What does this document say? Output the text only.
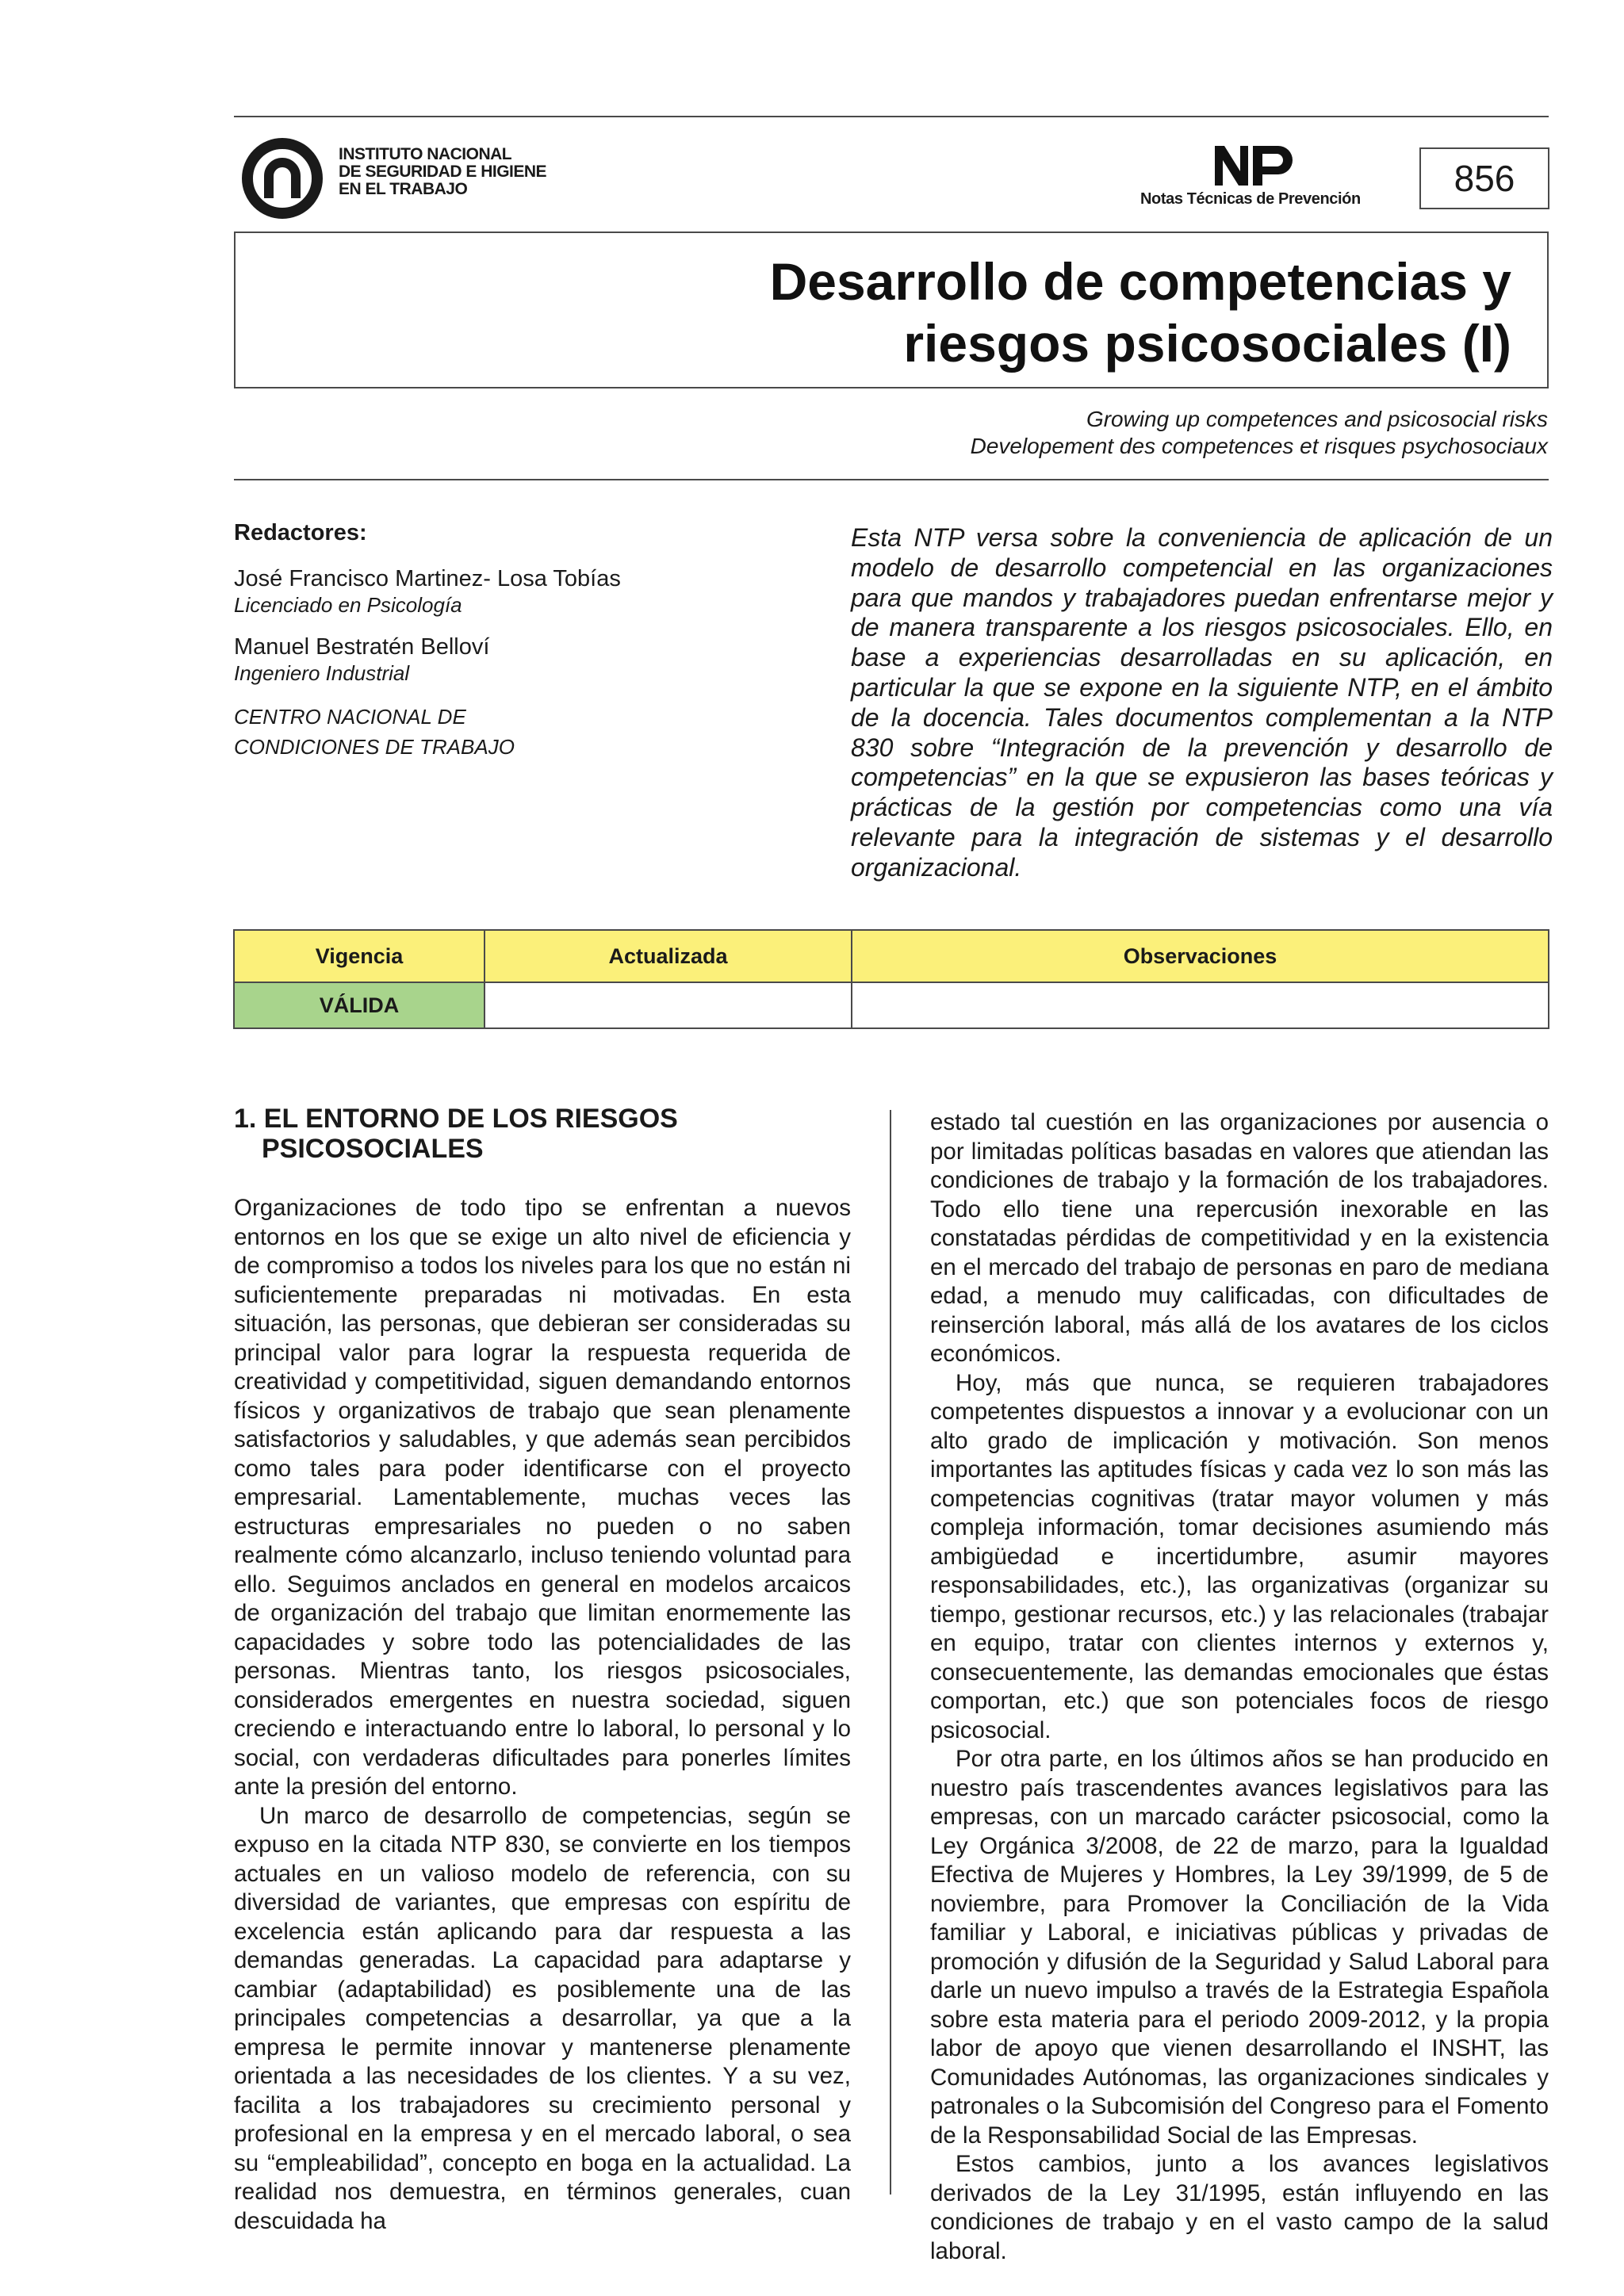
INSTITUTO NACIONAL
DE SEGURIDAD E HIGIENE
EN EL TRABAJO
Notas Técnicas de Prevención	856
Desarrollo de competencias y
riesgos psicosociales (I)
Growing up competences and psicosocial risks
Developement des competences et risques psychosociaux
Redactores:
José Francisco Martinez- Losa Tobías
Licenciado en Psicología
Manuel Bestratén Belloví
Ingeniero Industrial
CENTRO NACIONAL DE
CONDICIONES DE TRABAJO
Esta NTP versa sobre la conveniencia de aplicación de un modelo de desarrollo competencial en las organizaciones para que mandos y trabajadores puedan enfrentarse mejor y de manera transparente a los riesgos psicosociales. Ello, en base a experiencias desarrolladas en su aplicación, en particular la que se expone en la siguiente NTP, en el ámbito de la docencia. Tales documentos complementan a la NTP 830 sobre “Integración de la prevención y desarrollo de competencias” en la que se expusieron las bases teóricas y prácticas de la gestión por competencias como una vía relevante para la integración de sistemas y el desarrollo organizacional.
Vigencia	Actualizada	Observaciones
VÁLIDA		
1. EL ENTORNO DE LOS RIESGOS
PSICOSOCIALES

Organizaciones de todo tipo se enfrentan a nuevos entornos en los que se exige un alto nivel de eficiencia y de compromiso a todos los niveles para los que no están ni suficientemente preparadas ni motivadas. En esta situación, las personas, que debieran ser consideradas su principal valor para lograr la respuesta requerida de creatividad y competitividad, siguen demandando entornos físicos y organizativos de trabajo que sean plenamente satisfactorios y saludables, y que además sean percibidos como tales para poder identificarse con el proyecto empresarial. Lamentablemente, muchas veces las estructuras empresariales no pueden o no saben realmente cómo alcanzarlo, incluso teniendo voluntad para ello. Seguimos anclados en general en modelos arcaicos de organización del trabajo que limitan enormemente las capacidades y sobre todo las potencialidades de las personas. Mientras tanto, los riesgos psicosociales, considerados emergentes en nuestra sociedad, siguen creciendo e interactuando entre lo laboral, lo personal y lo social, con verdaderas dificultades para ponerles límites ante la presión del entorno.

Un marco de desarrollo de competencias, según se expuso en la citada NTP 830, se convierte en los tiempos actuales en un valioso modelo de referencia, con su diversidad de variantes, que empresas con espíritu de excelencia están aplicando para dar respuesta a las demandas generadas. La capacidad para adaptarse y cambiar (adaptabilidad) es posiblemente una de las principales competencias a desarrollar, ya que a la empresa le permite innovar y mantenerse plenamente orientada a las necesidades de los clientes. Y a su vez, facilita a los trabajadores su crecimiento personal y profesional en la empresa y en el mercado laboral, o sea su “empleabilidad”, concepto en boga en la actualidad. La realidad nos demuestra, en términos generales, cuan descuidada ha

estado tal cuestión en las organizaciones por ausencia o por limitadas políticas basadas en valores que atiendan las condiciones de trabajo y la formación de los trabajadores. Todo ello tiene una repercusión inexorable en las constatadas pérdidas de competitividad y en la existencia en el mercado del trabajo de personas en paro de mediana edad, a menudo muy calificadas, con dificultades de reinserción laboral, más allá de los avatares de los ciclos económicos.

Hoy, más que nunca, se requieren trabajadores competentes dispuestos a innovar y a evolucionar con un alto grado de implicación y motivación. Son menos importantes las aptitudes físicas y cada vez lo son más las competencias cognitivas (tratar mayor volumen y más compleja información, tomar decisiones asumiendo más ambigüedad e incertidumbre, asumir mayores responsabilidades, etc.), las organizativas (organizar su tiempo, gestionar recursos, etc.) y las relacionales (trabajar en equipo, tratar con clientes internos y externos y, consecuentemente, las demandas emocionales que éstas comportan, etc.) que son potenciales focos de riesgo psicosocial.

Por otra parte, en los últimos años se han producido en nuestro país trascendentes avances legislativos para las empresas, con un marcado carácter psicosocial, como la Ley Orgánica 3/2008, de 22 de marzo, para la Igualdad Efectiva de Mujeres y Hombres, la Ley 39/1999, de 5 de noviembre, para Promover la Conciliación de la Vida familiar y Laboral, e iniciativas públicas y privadas de promoción y difusión de la Seguridad y Salud Laboral para darle un nuevo impulso a través de la Estrategia Española sobre esta materia para el periodo 2009-2012, y la propia labor de apoyo que vienen desarrollando el INSHT, las Comunidades Autónomas, las organizaciones sindicales y patronales o la Subcomisión del Congreso para el Fomento de la Responsabilidad Social de las Empresas.

Estos cambios, junto a los avances legislativos derivados de la Ley 31/1995, están influyendo en las condiciones de trabajo y en el vasto campo de la salud laboral.
